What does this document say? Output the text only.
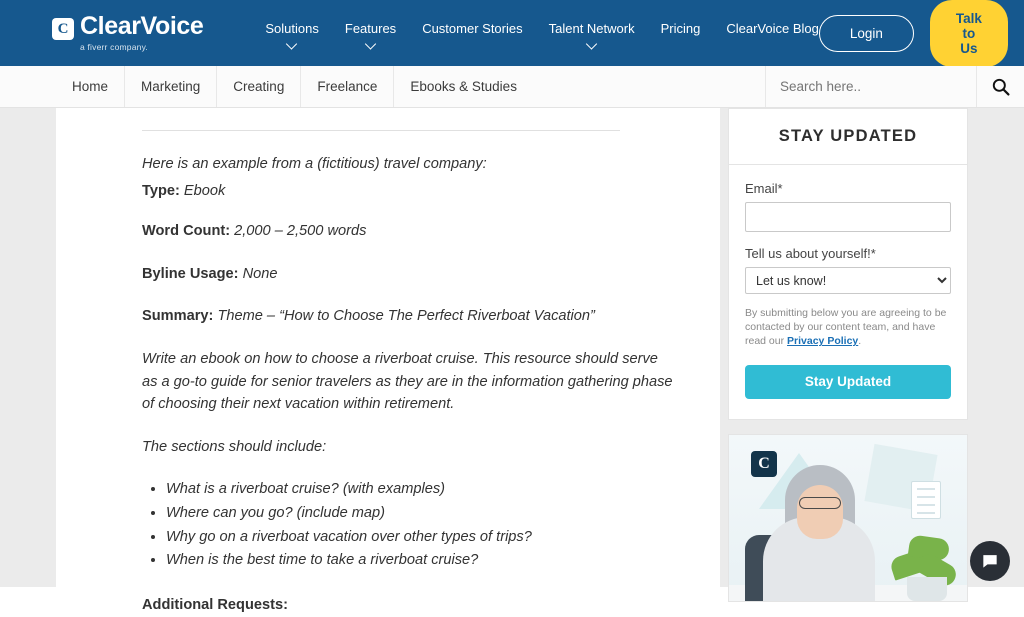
C ClearVoice
a fiverr company.
Solutions Features Customer Stories Talent Network Pricing ClearVoice Blog	Login
Talk to Us
Home	Marketing	Creating	Freelance	Ebooks & Studies
Search here..

Here is an example from a (fictitious) travel company:

Type: Ebook

Word Count: 2,000 – 2,500 words

Byline Usage: None

Summary: Theme – “How to Choose The Perfect Riverboat Vacation”

Write an ebook on how to choose a riverboat cruise. This resource should serve as a go-to guide for senior travelers as they are in the information gathering phase of choosing their next vacation within retirement.

The sections should include:

• What is a riverboat cruise? (with examples)
• Where can you go? (include map)
• Why go on a riverboat vacation over other types of trips?
• When is the best time to take a riverboat cruise?

Additional Requests:

STAY UPDATED
Email*
Tell us about yourself!*
Let us know!
By submitting below you are agreeing to be contacted by our content team, and have read our Privacy Policy.
Stay Updated
C
